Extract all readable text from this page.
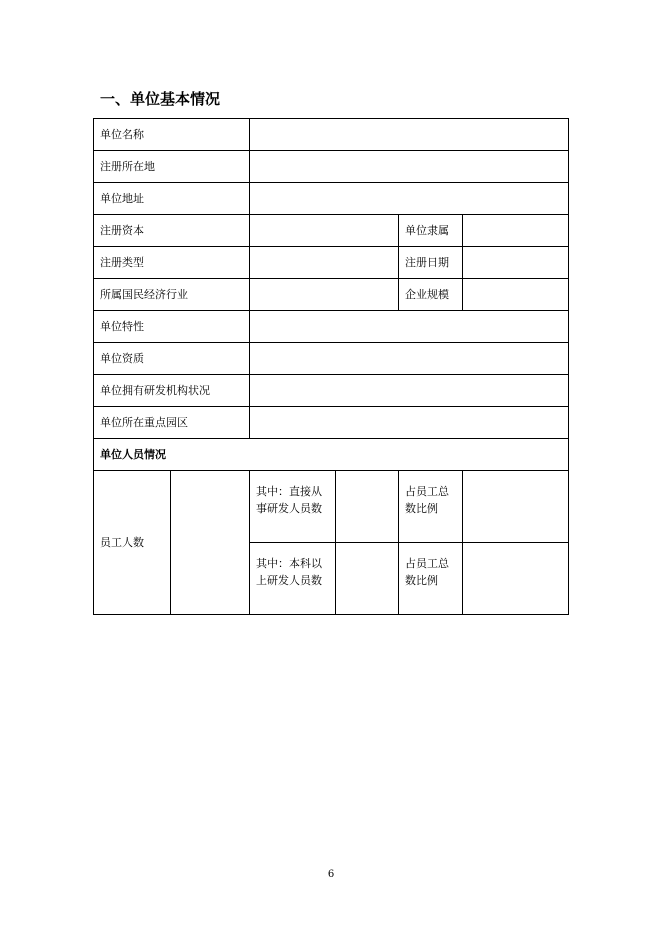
一、单位基本情况
单位名称					
注册所在地					
单位地址					
注册资本				单位隶属	
注册类型				注册日期	
所属国民经济行业				企业规模	
单位特性					
单位资质					
单位拥有研发机构状况					
单位所在重点园区					
单位人员情况					
员工人数		其中：直接从事研发人员数		占员工总数比例	
		其中：本科以上研发人员数		占员工总数比例	
6
